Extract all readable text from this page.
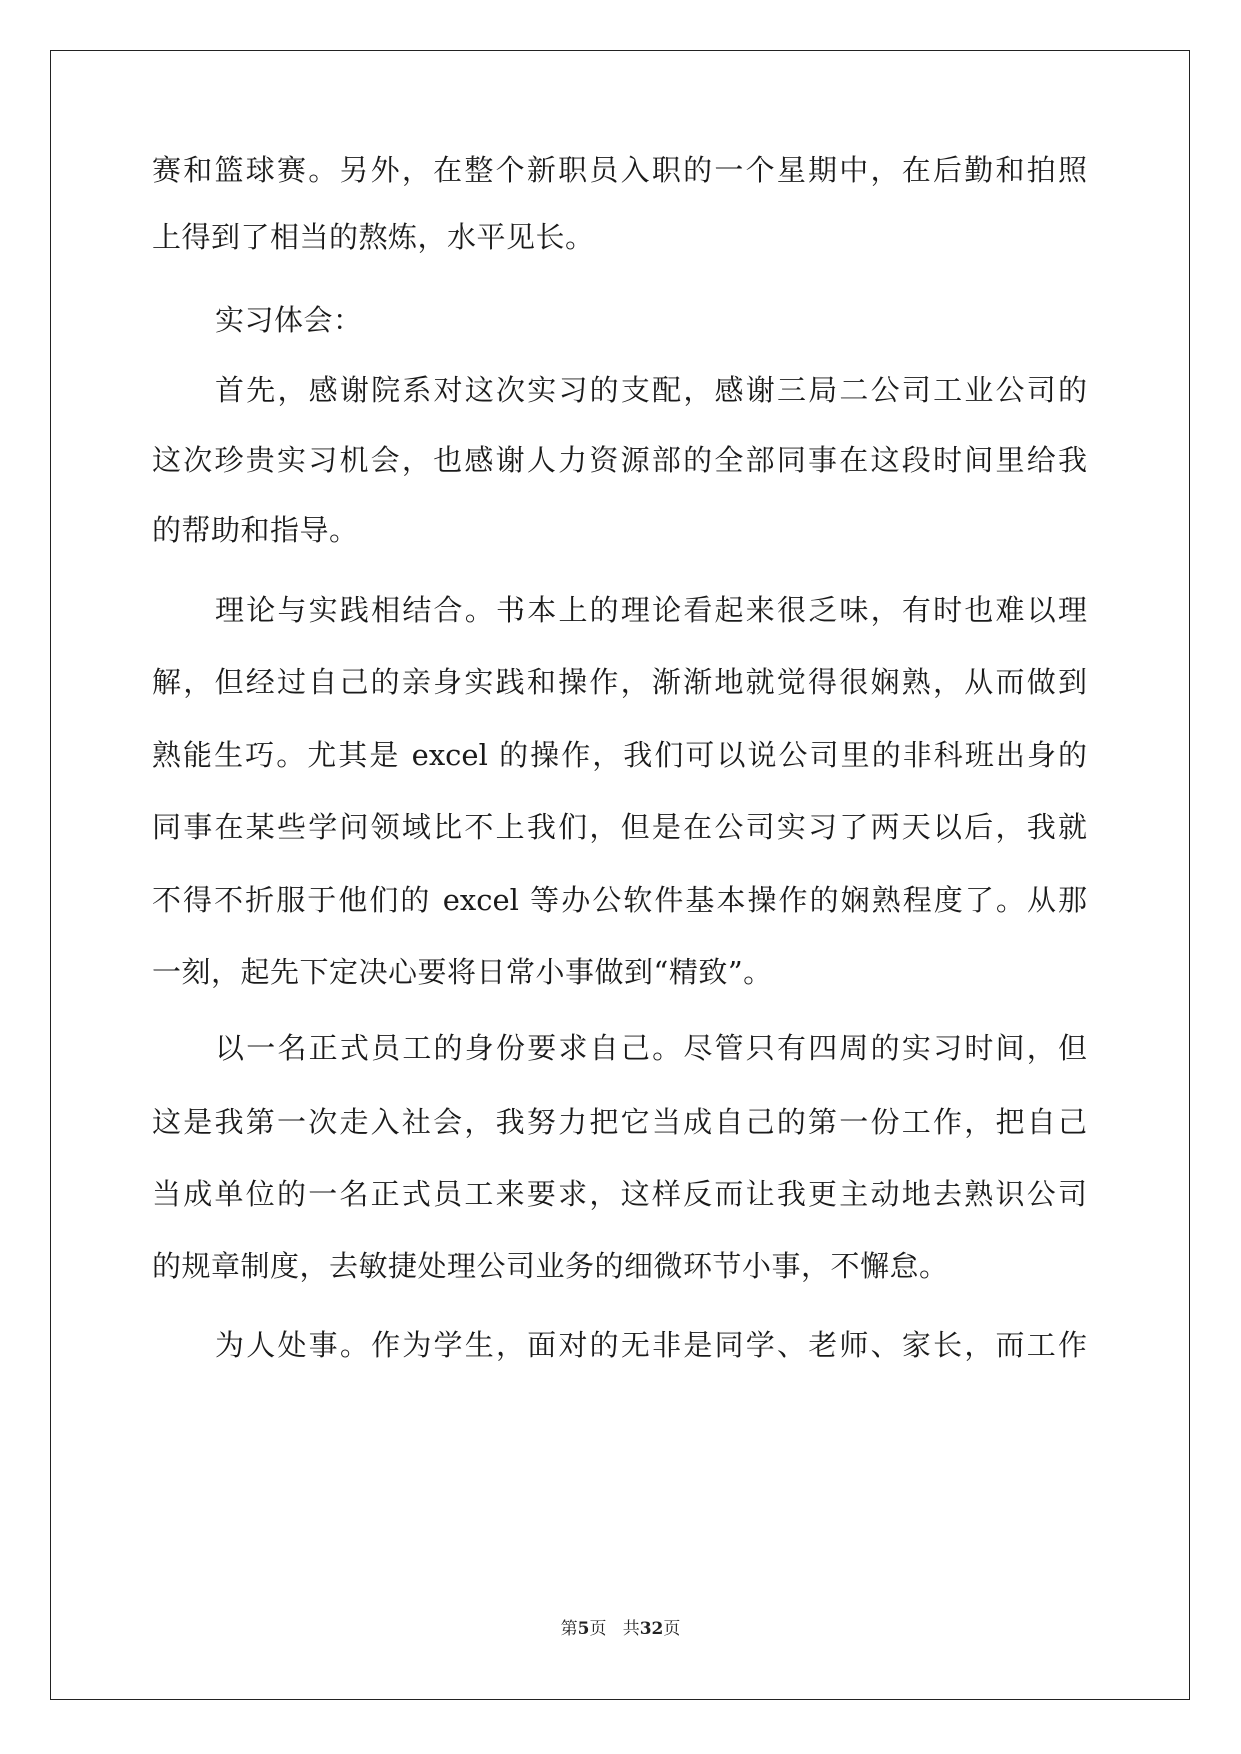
赛和篮球赛。另外，在整个新职员入职的一个星期中，在后勤和拍照
上得到了相当的熬炼，水平见长。
实习体会：
首先，感谢院系对这次实习的支配，感谢三局二公司工业公司的
这次珍贵实习机会，也感谢人力资源部的全部同事在这段时间里给我
的帮助和指导。
理论与实践相结合。书本上的理论看起来很乏味，有时也难以理
解，但经过自己的亲身实践和操作，渐渐地就觉得很娴熟，从而做到
熟能生巧。尤其是 excel 的操作，我们可以说公司里的非科班出身的
同事在某些学问领域比不上我们，但是在公司实习了两天以后，我就
不得不折服于他们的 excel 等办公软件基本操作的娴熟程度了。从那
一刻，起先下定决心要将日常小事做到“精致”。
以一名正式员工的身份要求自己。尽管只有四周的实习时间，但
这是我第一次走入社会，我努力把它当成自己的第一份工作，把自己
当成单位的一名正式员工来要求，这样反而让我更主动地去熟识公司
的规章制度，去敏捷处理公司业务的细微环节小事，不懈怠。
为人处事。作为学生，面对的无非是同学、老师、家长，而工作
第5页 共32页
